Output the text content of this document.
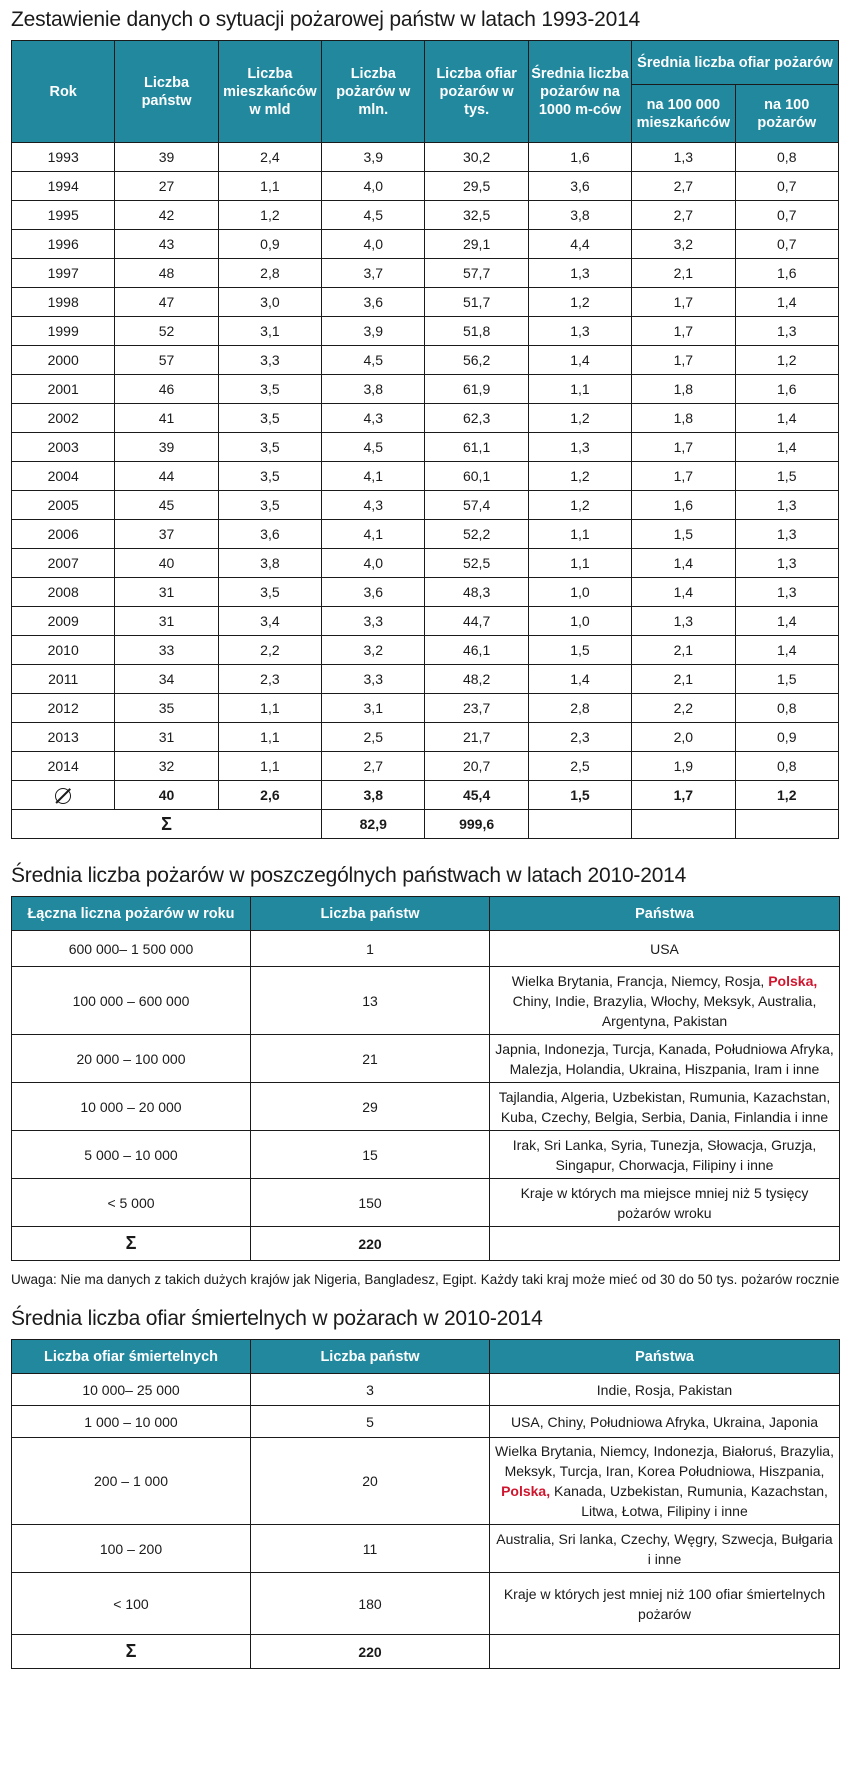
Zestawienie danych o sytuacji pożarowej państw w latach 1993-2014
Rok	Liczba państw	Liczba mieszkańców w mld	Liczba pożarów w mln.	Liczba ofiar pożarów w tys.	Średnia liczba pożarów na 1000 m-ców	Średnia liczba ofiar pożarów	
						na 100 000 mieszkańców	na 100 pożarów
1993	39	2,4	3,9	30,2	1,6	1,3	0,8
1994	27	1,1	4,0	29,5	3,6	2,7	0,7
1995	42	1,2	4,5	32,5	3,8	2,7	0,7
1996	43	0,9	4,0	29,1	4,4	3,2	0,7
1997	48	2,8	3,7	57,7	1,3	2,1	1,6
1998	47	3,0	3,6	51,7	1,2	1,7	1,4
1999	52	3,1	3,9	51,8	1,3	1,7	1,3
2000	57	3,3	4,5	56,2	1,4	1,7	1,2
2001	46	3,5	3,8	61,9	1,1	1,8	1,6
2002	41	3,5	4,3	62,3	1,2	1,8	1,4
2003	39	3,5	4,5	61,1	1,3	1,7	1,4
2004	44	3,5	4,1	60,1	1,2	1,7	1,5
2005	45	3,5	4,3	57,4	1,2	1,6	1,3
2006	37	3,6	4,1	52,2	1,1	1,5	1,3
2007	40	3,8	4,0	52,5	1,1	1,4	1,3
2008	31	3,5	3,6	48,3	1,0	1,4	1,3
2009	31	3,4	3,3	44,7	1,0	1,3	1,4
2010	33	2,2	3,2	46,1	1,5	2,1	1,4
2011	34	2,3	3,3	48,2	1,4	2,1	1,5
2012	35	1,1	3,1	23,7	2,8	2,2	0,8
2013	31	1,1	2,5	21,7	2,3	2,0	0,9
2014	32	1,1	2,7	20,7	2,5	1,9	0,8
	40	2,6	3,8	45,4	1,5	1,7	1,2
Σ			82,9	999,6			
Średnia liczba pożarów w poszczególnych państwach w latach 2010-2014
Łączna liczna pożarów w roku	Liczba państw	Państwa
600 000– 1 500 000	1	USA
100 000 – 600 000	13	Wielka Brytania, Francja, Niemcy, Rosja, Polska, Chiny, Indie, Brazylia, Włochy, Meksyk, Australia, Argentyna, Pakistan
20 000 – 100 000	21	Japnia, Indonezja, Turcja, Kanada, Południowa Afryka, Malezja, Holandia, Ukraina, Hiszpania, Iram i inne
10 000 – 20 000	29	Tajlandia, Algeria, Uzbekistan, Rumunia, Kazachstan, Kuba, Czechy, Belgia, Serbia, Dania, Finlandia i inne
5 000 – 10 000	15	Irak, Sri Lanka, Syria, Tunezja, Słowacja, Gruzja, Singapur, Chorwacja, Filipiny i inne
< 5 000	150	Kraje w których ma miejsce mniej niż 5 tysięcy pożarów wroku
Σ	220	
Uwaga: Nie ma danych z takich dużych krajów jak Nigeria, Bangladesz, Egipt. Każdy taki kraj może mieć od 30 do 50 tys. pożarów rocznie
Średnia liczba ofiar śmiertelnych w pożarach w 2010-2014
Liczba ofiar śmiertelnych	Liczba państw	Państwa
10 000– 25 000	3	Indie, Rosja, Pakistan
1 000 – 10 000	5	USA, Chiny, Południowa Afryka, Ukraina, Japonia
200 – 1 000	20	Wielka Brytania, Niemcy, Indonezja, Białoruś, Brazylia, Meksyk, Turcja, Iran, Korea Południowa, Hiszpania, Polska, Kanada, Uzbekistan, Rumunia, Kazachstan, Litwa, Łotwa, Filipiny i inne
100 – 200	11	Australia, Sri lanka, Czechy, Węgry, Szwecja, Bułgaria i inne
< 100	180	Kraje w których jest mniej niż 100 ofiar śmiertelnych pożarów
Σ	220	
